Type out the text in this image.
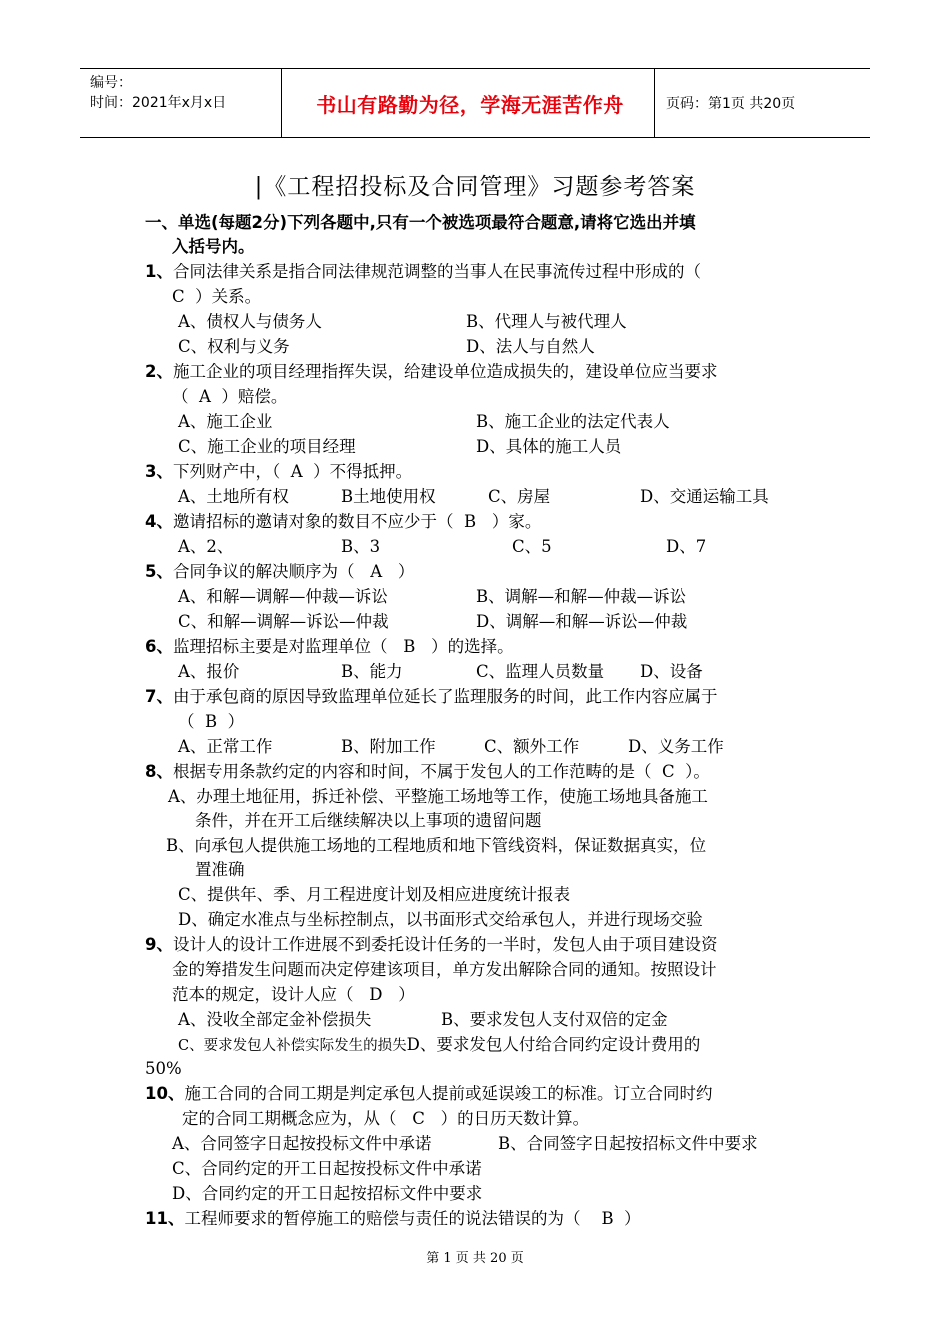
编号：
时间：2021年x月x日	书山有路勤为径，学海无涯苦作舟	页码：第1页 共20页
|《工程招投标及合同管理》习题参考答案
一、单选(每题2分)下列各题中,只有一个被选项最符合题意,请将它选出并填
入括号内。
1、合同法律关系是指合同法律规范调整的当事人在民事流传过程中形成的（
C  ）关系。
A、债权人与债务人	B、代理人与被代理人
C、权利与义务	D、法人与自然人
2、施工企业的项目经理指挥失误，给建设单位造成损失的，建设单位应当要求
（  A  ）赔偿。
A、施工企业	B、施工企业的法定代表人
C、施工企业的项目经理	D、具体的施工人员
3、下列财产中，（  A  ）不得抵押。
A、土地所有权	B土地使用权	C、房屋	D、交通运输工具
4、邀请招标的邀请对象的数目不应少于（  B   ）家。
A、2、	B、3	C、5	D、7
5、合同争议的解决顺序为（   A   ）
A、和解—调解—仲裁—诉讼	B、调解—和解—仲裁—诉讼
C、和解—调解—诉讼—仲裁	D、调解—和解—诉讼—仲裁
6、监理招标主要是对监理单位（   B   ）的选择。
A、报价	B、能力	C、监理人员数量 D、设备
7、由于承包商的原因导致监理单位延长了监理服务的时间，此工作内容应属于
（  B  ）
A、正常工作	B、附加工作	C、额外工作	D、义务工作
8、根据专用条款约定的内容和时间，不属于发包人的工作范畴的是（  C  ）。
A、办理土地征用，拆迁补偿、平整施工场地等工作，使施工场地具备施工
条件，并在开工后继续解决以上事项的遗留问题
B、向承包人提供施工场地的工程地质和地下管线资料，保证数据真实，位
置准确
C、提供年、季、月工程进度计划及相应进度统计报表
D、确定水准点与坐标控制点，以书面形式交给承包人，并进行现场交验
9、设计人的设计工作进展不到委托设计任务的一半时，发包人由于项目建设资
金的筹措发生问题而决定停建该项目，单方发出解除合同的通知。按照设计
范本的规定，设计人应（   D   ）
A、没收全部定金补偿损失	B、要求发包人支付双倍的定金
C、要求发包人补偿实际发生的损失D、要求发包人付给合同约定设计费用的
50%
10、施工合同的合同工期是判定承包人提前或延误竣工的标准。订立合同时约
定的合同工期概念应为，从（   C   ）的日历天数计算。
A、合同签字日起按投标文件中承诺	B、合同签字日起按招标文件中要求
C、合同约定的开工日起按投标文件中承诺
D、合同约定的开工日起按招标文件中要求
11、工程师要求的暂停施工的赔偿与责任的说法错误的为（    B  ）
第 1 页 共 20 页
